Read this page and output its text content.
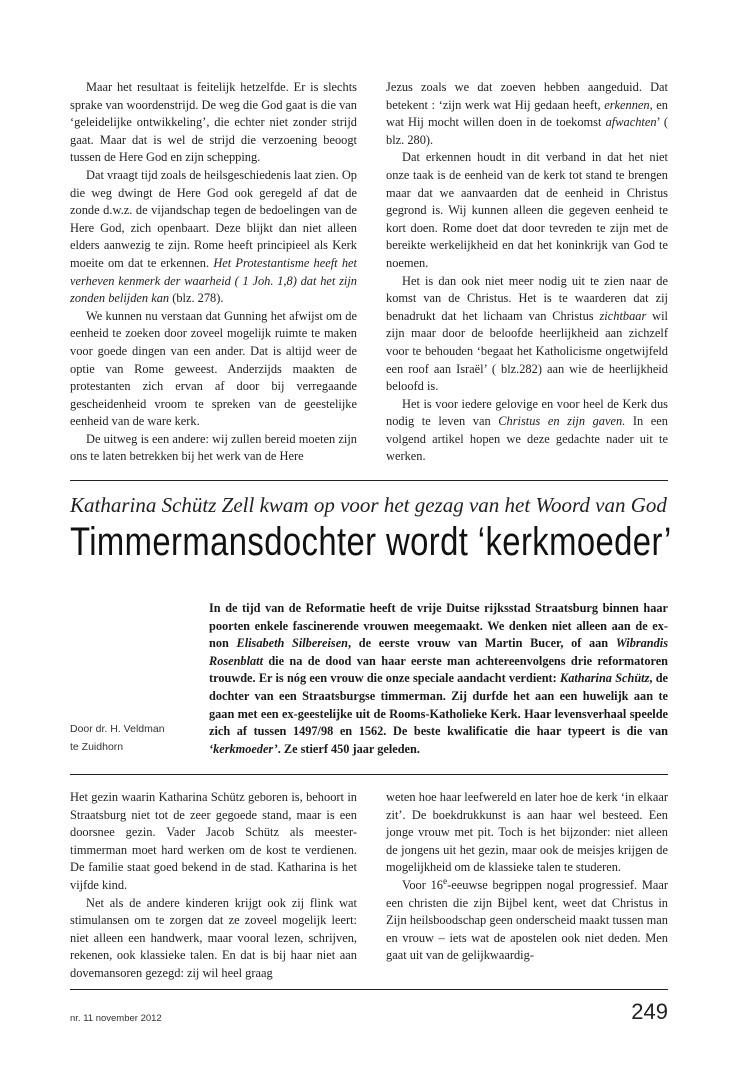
Maar het resultaat is feitelijk hetzelfde. Er is slechts sprake van woordenstrijd. De weg die God gaat is die van ‘geleidelijke ontwikkeling’, die echter niet zonder strijd gaat. Maar dat is wel de strijd die verzoening beoogt tussen de Here God en zijn schepping.

Dat vraagt tijd zoals de heilsgeschiedenis laat zien. Op die weg dwingt de Here God ook geregeld af dat de zonde d.w.z. de vijandschap tegen de bedoelingen van de Here God, zich openbaart. Deze blijkt dan niet alleen elders aanwezig te zijn. Rome heeft principieel als Kerk moeite om dat te erkennen. Het Protestantisme heeft het verheven kenmerk der waarheid ( 1 Joh. 1,8) dat het zijn zonden belijden kan (blz. 278).

We kunnen nu verstaan dat Gunning het afwijst om de eenheid te zoeken door zoveel mogelijk ruimte te maken voor goede dingen van een ander. Dat is altijd weer de optie van Rome geweest. Anderzijds maakten de protestanten zich ervan af door bij verregaande gescheidenheid vroom te spreken van de geestelijke eenheid van de ware kerk.

De uitweg is een andere: wij zullen bereid moeten zijn ons te laten betrekken bij het werk van de Here

Jezus zoals we dat zoeven hebben aangeduid. Dat betekent : ‘zijn werk wat Hij gedaan heeft, erkennen, en wat Hij mocht willen doen in de toekomst afwachten’ ( blz. 280).

Dat erkennen houdt in dit verband in dat het niet onze taak is de eenheid van de kerk tot stand te brengen maar dat we aanvaarden dat de eenheid in Christus gegrond is. Wij kunnen alleen die gegeven eenheid te kort doen. Rome doet dat door tevreden te zijn met de bereikte werkelijkheid en dat het koninkrijk van God te noemen.

Het is dan ook niet meer nodig uit te zien naar de komst van de Christus. Het is te waarderen dat zij benadrukt dat het lichaam van Christus zichtbaar wil zijn maar door de beloofde heerlijkheid aan zichzelf voor te behouden ‘begaat het Katholicisme ongetwijfeld een roof aan Israël’ ( blz.282) aan wie de heerlijkheid beloofd is.

Het is voor iedere gelovige en voor heel de Kerk dus nodig te leven van Christus en zijn gaven. In een volgend artikel hopen we deze gedachte nader uit te werken.

Katharina Schütz Zell kwam op voor het gezag van het Woord van God
Timmermansdochter wordt ‘kerkmoeder’
Door dr. H. Veldman
te Zuidhorn
In de tijd van de Reformatie heeft de vrije Duitse rijksstad Straatsburg binnen haar poorten enkele fascinerende vrouwen meegemaakt. We denken niet alleen aan de ex-non Elisabeth Silbereisen, de eerste vrouw van Martin Bucer, of aan Wibrandis Rosenblatt die na de dood van haar eerste man achtereenvolgens drie reformatoren trouwde. Er is nóg een vrouw die onze speciale aandacht verdient: Katharina Schütz, de dochter van een Straatsburgse timmerman. Zij durfde het aan een huwelijk aan te gaan met een ex-geestelijke uit de Rooms-Katholieke Kerk. Haar levensverhaal speelde zich af tussen 1497/98 en 1562. De beste kwalificatie die haar typeert is die van ‘kerkmoeder’. Ze stierf 450 jaar geleden.

Het gezin waarin Katharina Schütz geboren is, behoort in Straatsburg niet tot de zeer gegoede stand, maar is een doorsnee gezin. Vader Jacob Schütz als meester-timmerman moet hard werken om de kost te verdienen. De familie staat goed bekend in de stad. Katharina is het vijfde kind.

Net als de andere kinderen krijgt ook zij flink wat stimulansen om te zorgen dat ze zoveel mogelijk leert: niet alleen een handwerk, maar vooral lezen, schrijven, rekenen, ook klassieke talen. En dat is bij haar niet aan dovemansoren gezegd: zij wil heel graag

weten hoe haar leefwereld en later hoe de kerk ‘in elkaar zit’. De boekdrukkunst is aan haar wel besteed. Een jonge vrouw met pit. Toch is het bijzonder: niet alleen de jongens uit het gezin, maar ook de meisjes krijgen de mogelijkheid om de klassieke talen te studeren.

Voor 16e-eeuwse begrippen nogal progressief. Maar een christen die zijn Bijbel kent, weet dat Christus in Zijn heilsboodschap geen onderscheid maakt tussen man en vrouw – iets wat de apostelen ook niet deden. Men gaat uit van de gelijkwaardig-

nr. 11 november 2012	249
